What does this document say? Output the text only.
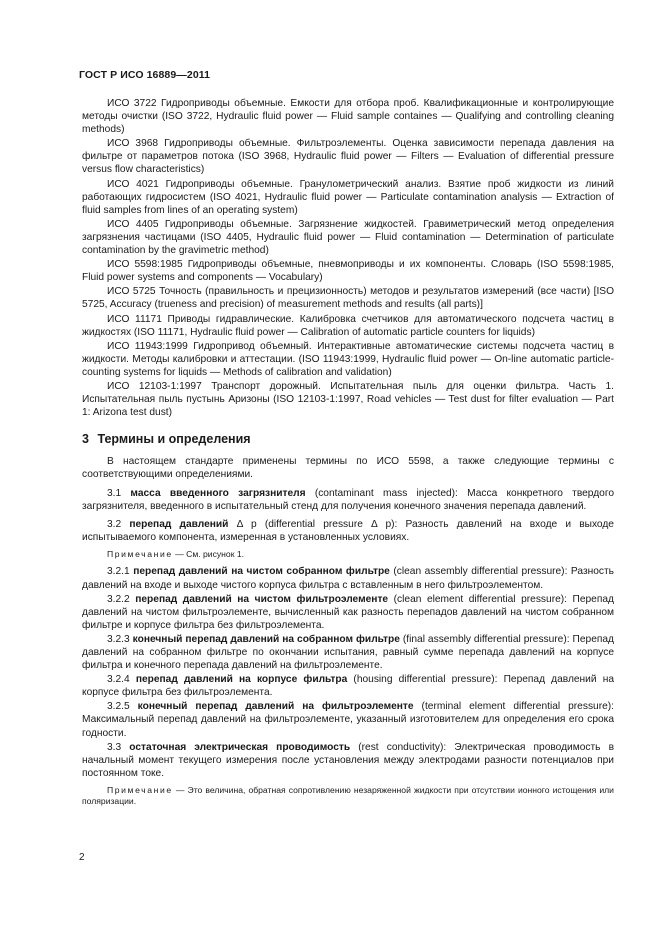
ГОСТ Р ИСО 16889—2011

ИСО 3722 Гидроприводы объемные. Емкости для отбора проб. Квалификационные и контролирующие методы очистки (ISO 3722, Hydraulic fluid power — Fluid sample containes — Qualifying and controlling cleaning methods)

ИСО 3968 Гидроприводы объемные. Фильтроэлементы. Оценка зависимости перепада давления на фильтре от параметров потока (ISO 3968, Hydraulic fluid power — Filters — Evaluation of differential pressure versus flow characteristics)

ИСО 4021 Гидроприводы объемные. Гранулометрический анализ. Взятие проб жидкости из линий работающих гидросистем (ISO 4021, Hydraulic fluid power — Particulate contamination analysis — Extraction of fluid samples from lines of an operating system)

ИСО 4405 Гидроприводы объемные. Загрязнение жидкостей. Гравиметрический метод определения загрязнения частицами (ISO 4405, Hydraulic fluid power — Fluid contamination — Determination of particulate contamination by the gravimetric method)

ИСО 5598:1985 Гидроприводы объемные, пневмоприводы и их компоненты. Словарь (ISO 5598:1985, Fluid power systems and components — Vocabulary)

ИСО 5725 Точность (правильность и прецизионность) методов и результатов измерений (все части) [ISO 5725, Accuracy (trueness and precision) of measurement methods and results (all parts)]

ИСО 11171 Приводы гидравлические. Калибровка счетчиков для автоматического подсчета частиц в жидкостях (ISO 11171, Hydraulic fluid power — Calibration of automatic particle counters for liquids)

ИСО 11943:1999 Гидропривод объемный. Интерактивные автоматические системы подсчета частиц в жидкости. Методы калибровки и аттестации. (ISO 11943:1999, Hydraulic fluid power — On-line automatic particle-counting systems for liquids — Methods of calibration and validation)

ИСО 12103-1:1997 Транспорт дорожный. Испытательная пыль для оценки фильтра. Часть 1. Испытательная пыль пустынь Аризоны (ISO 12103-1:1997, Road vehicles — Test dust for filter evaluation — Part 1: Arizona test dust)

3 Термины и определения

В настоящем стандарте применены термины по ИСО 5598, а также следующие термины с соответствующими определениями.

3.1 масса введенного загрязнителя (contaminant mass injected): Масса конкретного твердого загрязнителя, введенного в испытательный стенд для получения конечного значения перепада давлений.

3.2 перепад давлений Δ p (differential pressure Δ p): Разность давлений на входе и выходе испытываемого компонента, измеренная в установленных условиях.

Примечание — См. рисунок 1.

3.2.1 перепад давлений на чистом собранном фильтре (clean assembly differential pressure): Разность давлений на входе и выходе чистого корпуса фильтра с вставленным в него фильтроэлементом.

3.2.2 перепад давлений на чистом фильтроэлементе (clean element differential pressure): Перепад давлений на чистом фильтроэлементе, вычисленный как разность перепадов давлений на чистом собранном фильтре и корпусе фильтра без фильтроэлемента.

3.2.3 конечный перепад давлений на собранном фильтре (final assembly differential pressure): Перепад давлений на собранном фильтре по окончании испытания, равный сумме перепада давлений на корпусе фильтра и конечного перепада давлений на фильтроэлементе.

3.2.4 перепад давлений на корпусе фильтра (housing differential pressure): Перепад давлений на корпусе фильтра без фильтроэлемента.

3.2.5 конечный перепад давлений на фильтроэлементе (terminal element differential pressure): Максимальный перепад давлений на фильтроэлементе, указанный изготовителем для определения его срока годности.

3.3 остаточная электрическая проводимость (rest conductivity): Электрическая проводимость в начальный момент текущего измерения после установления между электродами разности потенциалов при постоянном токе.

Примечание — Это величина, обратная сопротивлению незаряженной жидкости при отсутствии ионного истощения или поляризации.

2
